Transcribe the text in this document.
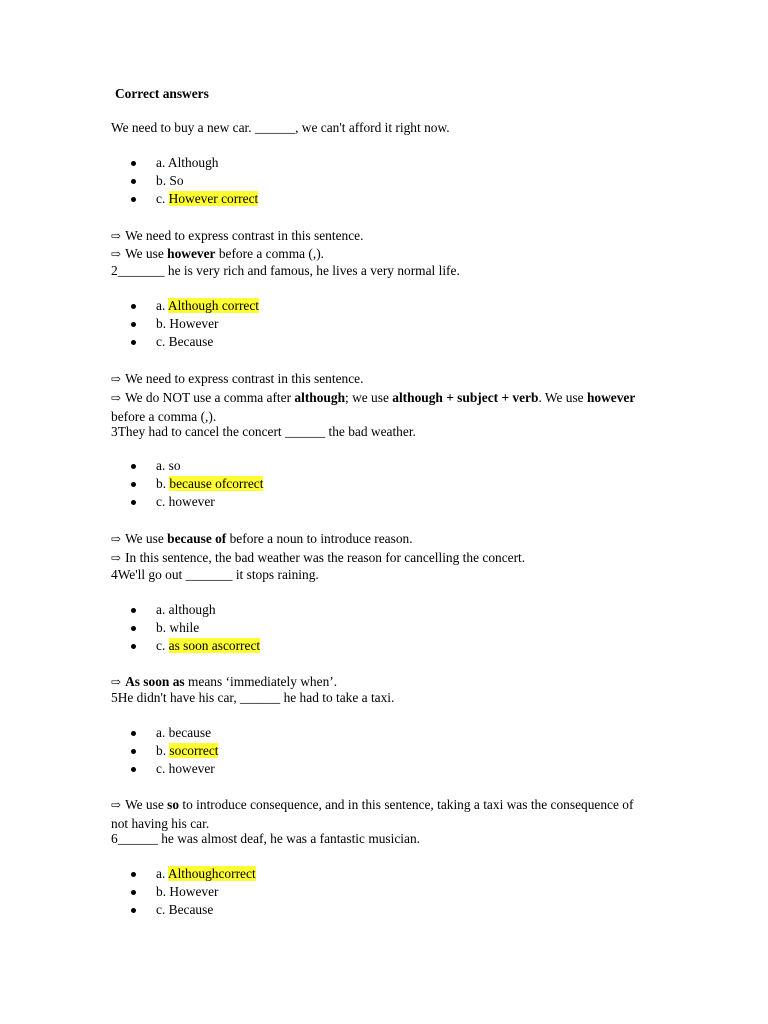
Correct answers
We need to buy a new car. ______, we can't afford it right now.
a. Although
b. So
c. However correct
⇨ We need to express contrast in this sentence.
⇨ We use however before a comma (,).
2_______ he is very rich and famous, he lives a very normal life.
a. Although correct
b. However
c. Because
⇨ We need to express contrast in this sentence.
⇨ We do NOT use a comma after although; we use although + subject + verb. We use however before a comma (,).
3They had to cancel the concert ______ the bad weather.
a. so
b. because ofcorrect
c. however
⇨ We use because of before a noun to introduce reason.
⇨ In this sentence, the bad weather was the reason for cancelling the concert.
4We'll go out _______ it stops raining.
a. although
b. while
c. as soon ascorrect
⇨ As soon as means ‘immediately when’.
5He didn't have his car, ______ he had to take a taxi.
a. because
b. socorrect
c. however
⇨ We use so to introduce consequence, and in this sentence, taking a taxi was the consequence of not having his car.
6______ he was almost deaf, he was a fantastic musician.
a. Althoughcorrect
b. However
c. Because
